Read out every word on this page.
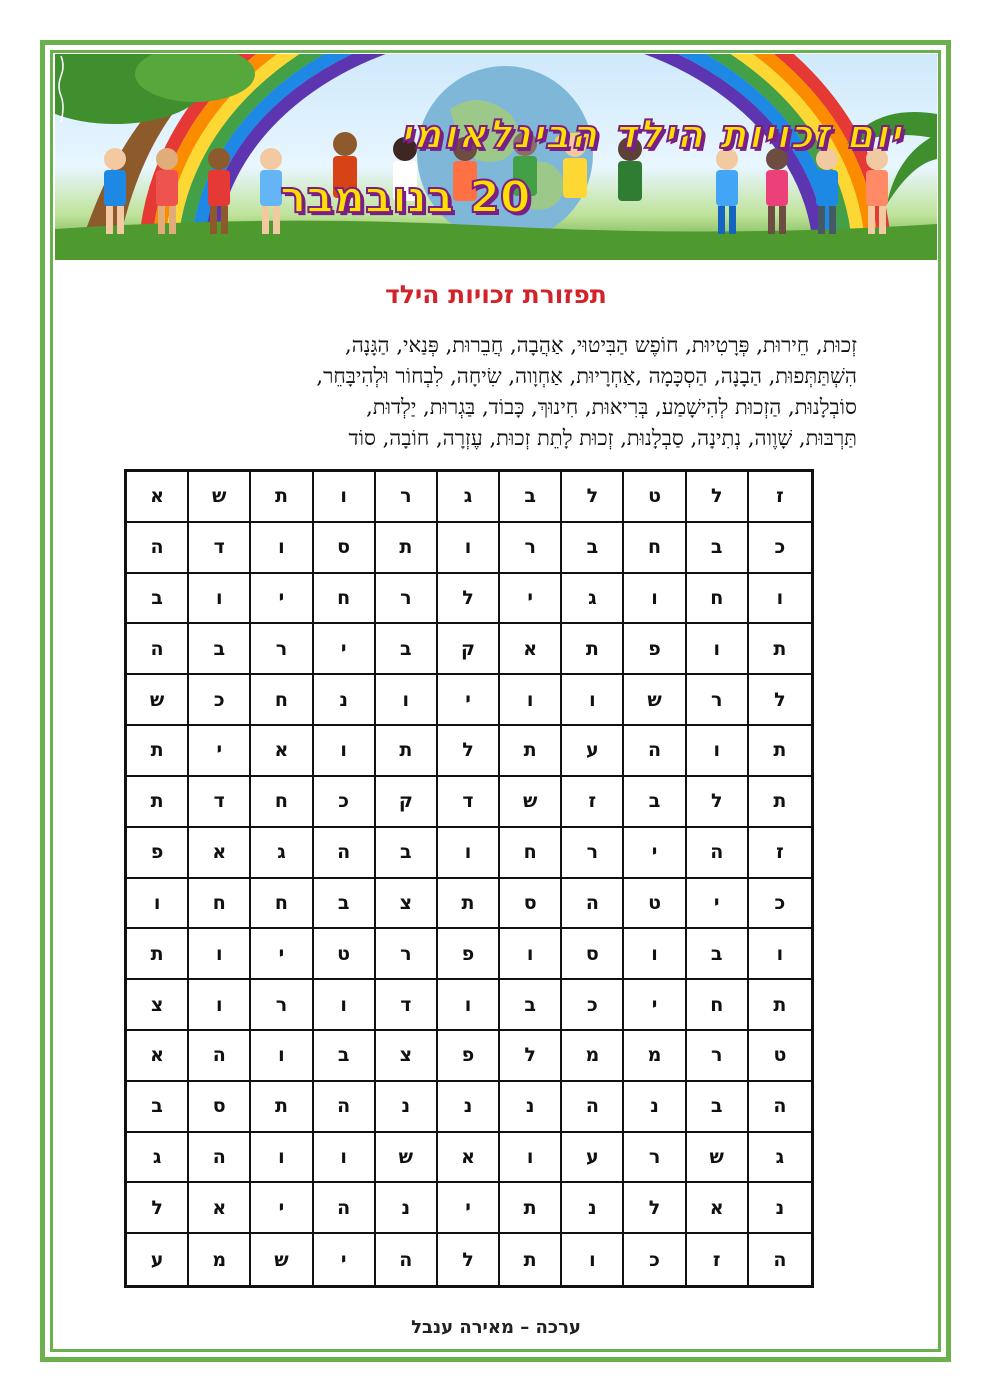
יום זכויות הילד הבינלאומי
20 בנובמבר
תפזורת זכויות הילד
זְכוּת, חֵירוּת, פְּרָטִיוּת, חוֹפֶש הַבִּיטוּי, אַהֲבָה, חֲבֵרוּת, פְּנַאי, הַגָּנָה,
הִשְׁתַּתְּפוּת, הַבָנָה, הַסְכָּמָה ,אַחְרָיוּת, אַחְוָוה, שִׂיחָה, לִבְחוֹר וּלְהִיבָּחֵר,
סוֹבְלָנוּת, הַזְכוּת לְהִישָׁמַע, בְּרִיאוּת, חִינוּךְ, כָּבוֹד, בַּגְרוּת, יַלְדוּת,
תַּרְבּוּת, שָׁוֶוה, נְתִינָה, סַבְלָנוּת, זְכוּת לָתֵת זְכוּת, עֶזְרָה, חוֹבָה, סוֹד
א	ש	ת	ו	ר	ג	ב	ל	ט	ל	ז
ה	ד	ו	ס	ת	ו	ר	ב	ח	ב	כ
ב	ו	י	ח	ר	ל	י	ג	ו	ח	ו
ה	ב	ר	י	ב	ק	א	ת	פ	ו	ת
ש	כ	ח	נ	ו	י	ו	ו	ש	ר	ל
ת	י	א	ו	ת	ל	ת	ע	ה	ו	ת
ת	ד	ח	כ	ק	ד	ש	ז	ב	ל	ת
פ	א	ג	ה	ב	ו	ח	ר	י	ה	ז
ו	ח	ח	ב	צ	ת	ס	ה	ט	י	כ
ת	ו	י	ט	ר	פ	ו	ס	ו	ב	ו
צ	ו	ר	ו	ד	ו	ב	כ	י	ח	ת
א	ה	ו	ב	צ	פ	ל	מ	מ	ר	ט
ב	ס	ת	ה	נ	נ	נ	ה	נ	ב	ה
ג	ה	ו	ו	ש	א	ו	ע	ר	ש	ג
ל	א	י	ה	נ	י	ת	נ	ל	א	נ
ע	מ	ש	י	ה	ל	ת	ו	כ	ז	ה
ערכה – מאירה ענבל
